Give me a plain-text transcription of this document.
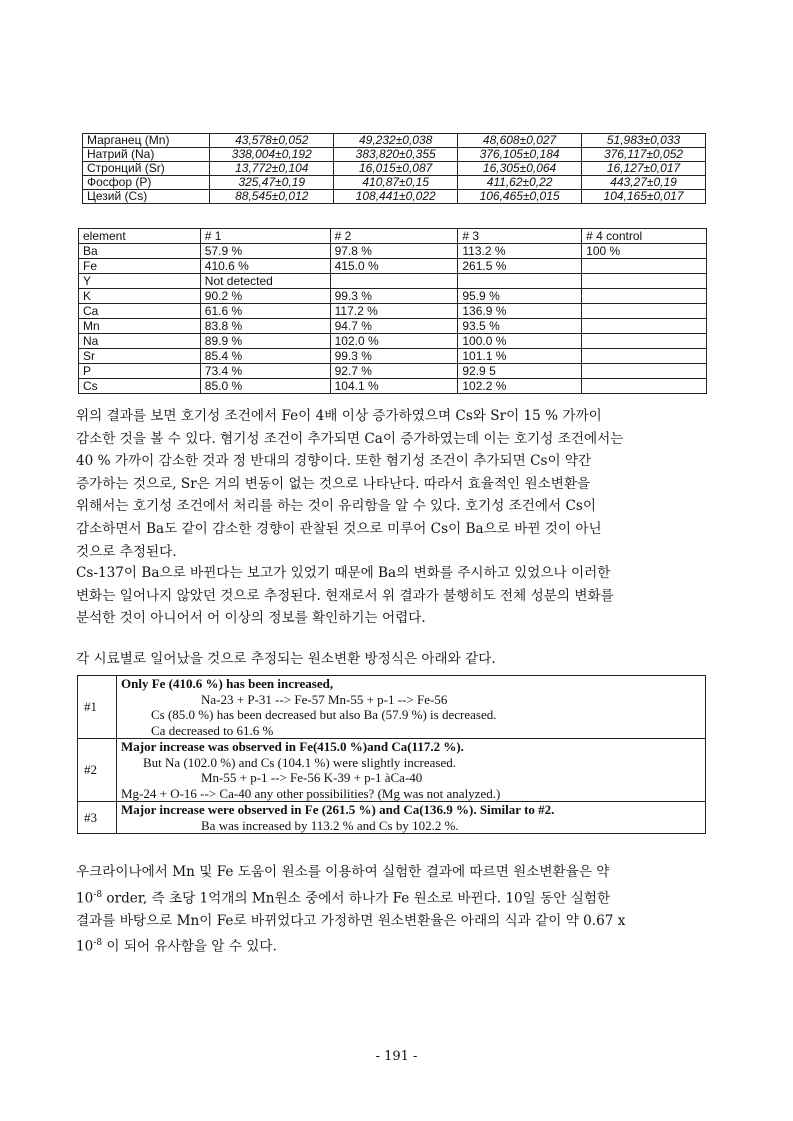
Марганец (Mn)	43,578±0,052	49,232±0,038	48,608±0,027	51,983±0,033
Натрий (Na)	338,004±0,192	383,820±0,355	376,105±0,184	376,117±0,052
Стронций (Sr)	13,772±0,104	16,015±0,087	16,305±0,064	16,127±0,017
Фосфор (P)	325,47±0,19	410,87±0,15	411,62±0,22	443,27±0,19
Цезий (Cs)	88,545±0,012	108,441±0,022	106,465±0,015	104,165±0,017
element	# 1	# 2	# 3	# 4 control
Ba	57.9 %	97.8 %	113.2 %	100 %
Fe	410.6 %	415.0 %	261.5 %	
Y	Not detected			
K	90.2 %	99.3 %	95.9 %	
Ca	61.6 %	117.2 %	136.9 %	
Mn	83.8 %	94.7 %	93.5 %	
Na	89.9 %	102.0 %	100.0 %	
Sr	85.4 %	99.3 %	101.1 %	
P	73.4 %	92.7 %	92.9 5	
Cs	85.0 %	104.1 %	102.2 %	
위의 결과를 보면 호기성 조건에서 Fe이 4배 이상 증가하였으며 Cs와 Sr이 15 % 가까이
감소한 것을 볼 수 있다. 혐기성 조건이 추가되면 Ca이 증가하였는데 이는 호기성 조건에서는
40 % 가까이 감소한 것과 정 반대의 경향이다. 또한 혐기성 조건이 추가되면 Cs이 약간
증가하는 것으로, Sr은 거의 변동이 없는 것으로 나타난다. 따라서 효율적인 원소변환을
위해서는 호기성 조건에서 처리를 하는 것이 유리함을 알 수 있다. 호기성 조건에서 Cs이
감소하면서 Ba도 같이 감소한 경향이 관찰된 것으로 미루어 Cs이 Ba으로 바뀐 것이 아닌
것으로 추정된다.
Cs-137이 Ba으로 바뀐다는 보고가 있었기 때문에 Ba의 변화를 주시하고 있었으나 이러한
변화는 일어나지 않았던 것으로 추정된다. 현재로서 위 결과가 불행히도 전체 성분의 변화를
분석한 것이 아니어서 어 이상의 정보를 확인하기는 어렵다.
각 시료별로 일어났을 것으로 추정되는 원소변환 방정식은 아래와 같다.
#1	Only Fe (410.6 %) has been increased,
Na-23 + P-31 --> Fe-57 Mn-55 + p-1 --> Fe-56
Cs (85.0 %) has been decreased but also Ba (57.9 %) is decreased.
Ca decreased to 61.6 %

#2	Major increase was observed in Fe(415.0 %)and Ca(117.2 %).
But Na (102.0 %) and Cs (104.1 %) were slightly increased.
Mn-55 + p-1 --> Fe-56 K-39 + p-1 àCa-40
Mg-24 + O-16 --> Ca-40 any other possibilities? (Mg was not analyzed.)

#3	Major increase were observed in Fe (261.5 %) and Ca(136.9 %). Similar to #2.
Ba was increased by 113.2 % and Cs by 102.2 %.
우크라이나에서 Mn 및 Fe 도움이 원소를 이용하여 실험한 결과에 따르면 원소변환율은 약
$10^{-8}$ order, 즉 초당 1억개의 Mn원소 중에서 하나가 Fe 원소로 바뀐다. 10일 동안 실험한
결과를 바탕으로 Mn이 Fe로 바뀌었다고 가정하면 원소변환율은 아래의 식과 같이 약 0.67 x
$10^{-8}$ 이 되어 유사함을 알 수 있다.
- 191 -
